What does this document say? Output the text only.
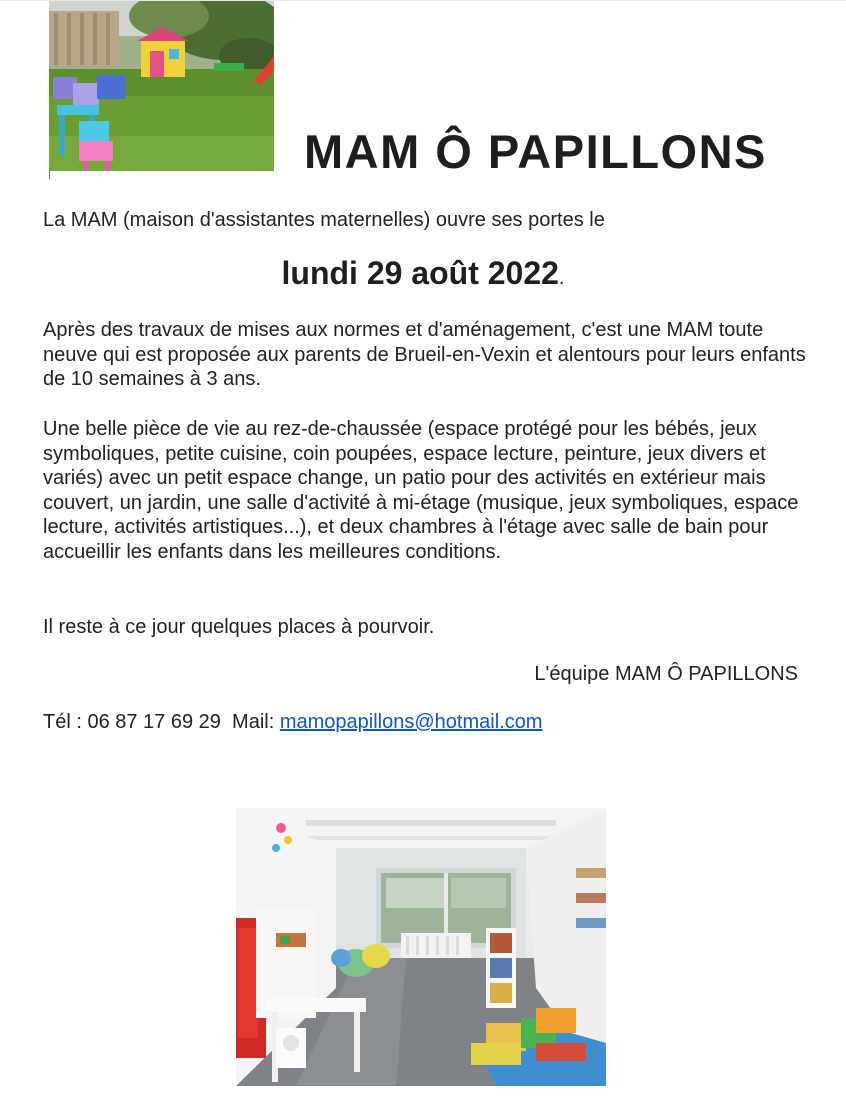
MAM Ô PAPILLONS

La MAM (maison d'assistantes maternelles) ouvre ses portes le

lundi 29 août 2022.

Après des travaux de mises aux normes et d'aménagement, c'est une MAM toute neuve qui est proposée aux parents de Brueil-en-Vexin et alentours pour leurs enfants de 10 semaines à 3 ans.

Une belle pièce de vie au rez-de-chaussée (espace protégé pour les bébés, jeux symboliques, petite cuisine, coin poupées, espace lecture, peinture, jeux divers et variés) avec un petit espace change, un patio pour des activités en extérieur mais couvert, un jardin, une salle d'activité à mi-étage (musique, jeux symboliques, espace lecture, activités artistiques...), et deux chambres à l'étage avec salle de bain pour accueillir les enfants dans les meilleures conditions.

Il reste à ce jour quelques places à pourvoir.

L'équipe MAM Ô PAPILLONS

Tél : 06 87 17 69 29 Mail: mamopapillons@hotmail.com
